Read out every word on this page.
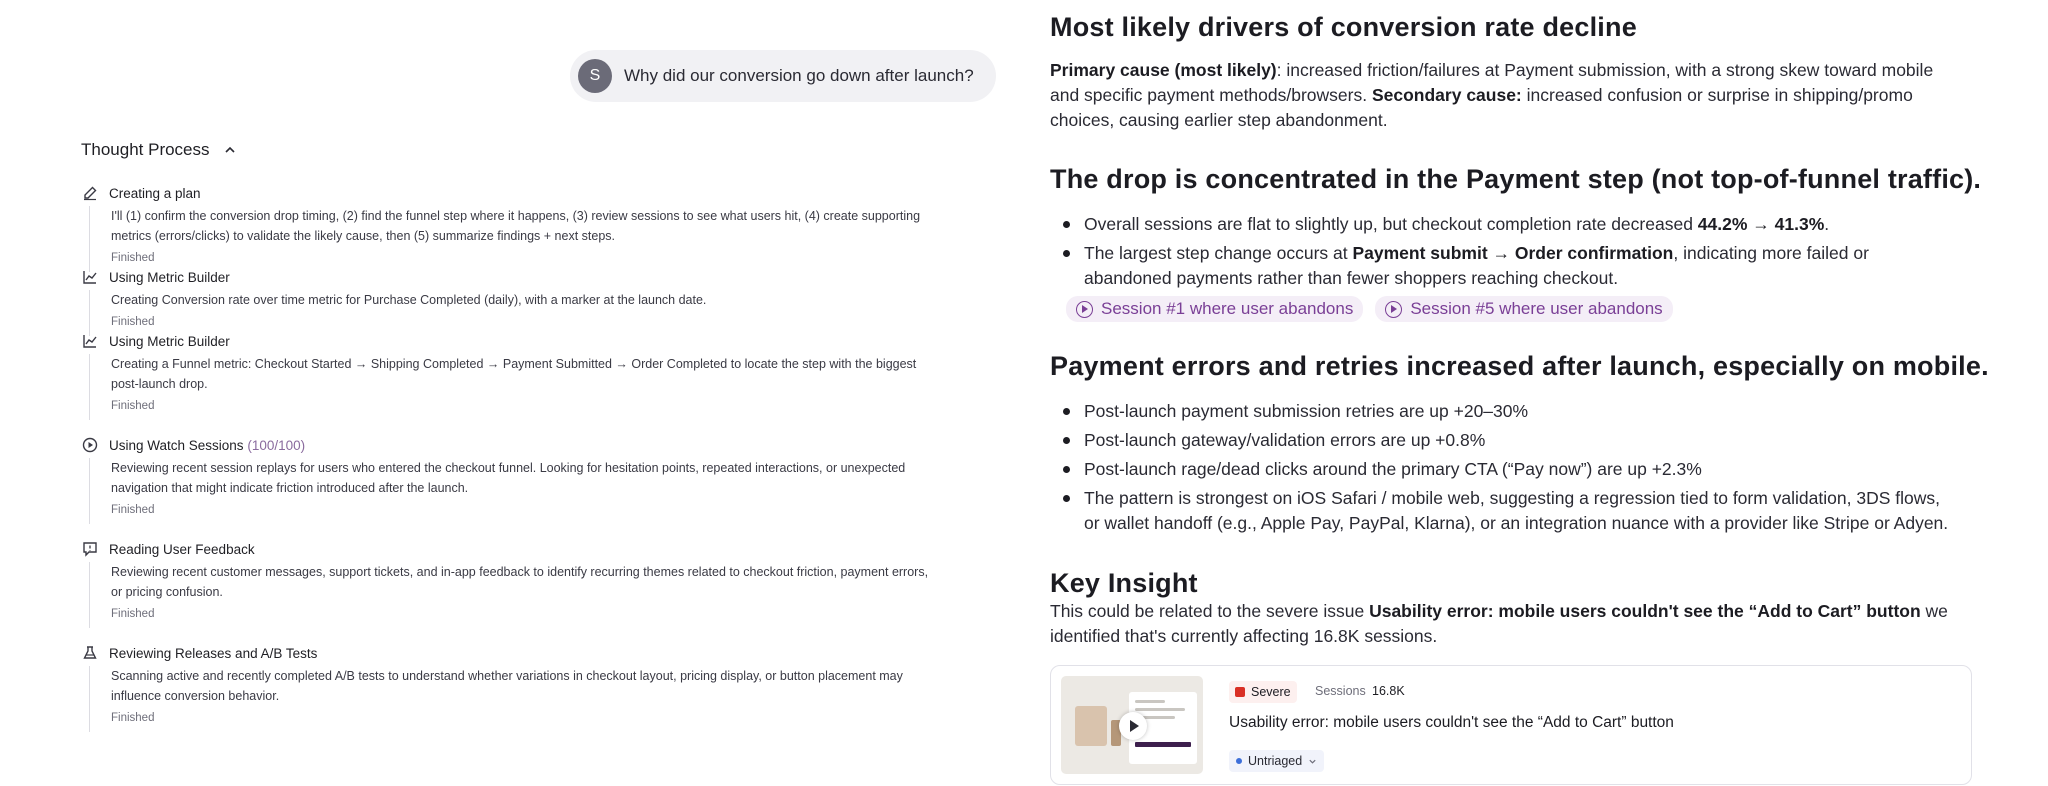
S	Why did our conversion go down after launch?
Thought Process
Creating a plan
I'll (1) confirm the conversion drop timing, (2) find the funnel step where it happens, (3) review sessions to see what users hit, (4) create supporting metrics (errors/clicks) to validate the likely cause, then (5) summarize findings + next steps.
Finished
Using Metric Builder
Creating Conversion rate over time metric for Purchase Completed (daily), with a marker at the launch date.
Finished
Using Metric Builder
Creating a Funnel metric: Checkout Started → Shipping Completed → Payment Submitted → Order Completed to locate the step with the biggest post-launch drop.
Finished
Using Watch Sessions (100/100)
Reviewing recent session replays for users who entered the checkout funnel. Looking for hesitation points, repeated interactions, or unexpected navigation that might indicate friction introduced after the launch.
Finished
Reading User Feedback
Reviewing recent customer messages, support tickets, and in-app feedback to identify recurring themes related to checkout friction, payment errors, or pricing confusion.
Finished
Reviewing Releases and A/B Tests
Scanning active and recently completed A/B tests to understand whether variations in checkout layout, pricing display, or button placement may influence conversion behavior.
Finished
Most likely drivers of conversion rate decline
Primary cause (most likely): increased friction/failures at Payment submission, with a strong skew toward mobile and specific payment methods/browsers. Secondary cause: increased confusion or surprise in shipping/promo choices, causing earlier step abandonment.
The drop is concentrated in the Payment step (not top-of-funnel traffic).
Overall sessions are flat to slightly up, but checkout completion rate decreased 44.2% → 41.3%.
The largest step change occurs at Payment submit → Order confirmation, indicating more failed or abandoned payments rather than fewer shoppers reaching checkout.
Session #1 where user abandons	Session #5 where user abandons
Payment errors and retries increased after launch, especially on mobile.
Post-launch payment submission retries are up +20–30%
Post-launch gateway/validation errors are up +0.8%
Post-launch rage/dead clicks around the primary CTA (“Pay now”) are up +2.3%
The pattern is strongest on iOS Safari / mobile web, suggesting a regression tied to form validation, 3DS flows, or wallet handoff (e.g., Apple Pay, PayPal, Klarna), or an integration nuance with a provider like Stripe or Adyen.
Key Insight
This could be related to the severe issue Usability error: mobile users couldn't see the “Add to Cart” button we identified that's currently affecting 16.8K sessions.
Severe Sessions 16.8K
Usability error: mobile users couldn't see the “Add to Cart” button
Untriaged
